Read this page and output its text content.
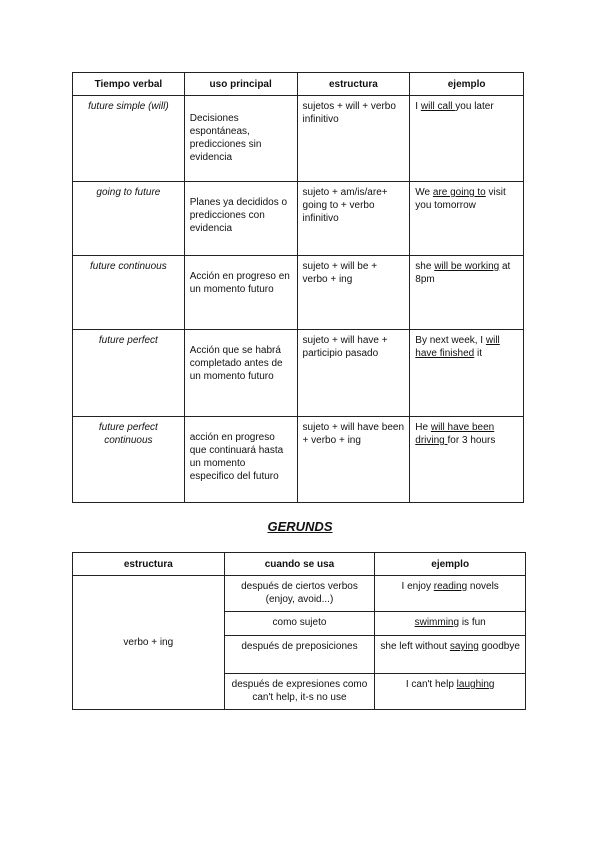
Tiempo verbal	uso principal	estructura	ejemplo
future simple (will)	Decisiones espontáneas, predicciones sin evidencia	sujetos + will + verbo infinitivo	I will call you later
going to future	Planes ya decididos o predicciones con evidencia	sujeto + am/is/are+ going to + verbo infinitivo	We are going to visit you tomorrow
future continuous	Acción en progreso en un momento futuro	sujeto + will be + verbo + ing	she will be working at 8pm
future perfect	Acción que se habrá completado antes de un momento futuro	sujeto + will have + participio pasado	By next week, I will have finished it
future perfect continuous	acción en progreso que continuará hasta un momento especifico del futuro	sujeto + will have been + verbo + ing	He will have been driving for 3 hours
GERUNDS
estructura	cuando se usa	ejemplo
verbo + ing	después de ciertos verbos (enjoy, avoid...)	I enjoy reading novels
	como sujeto	swimming is fun
	después de preposiciones	she left without saying goodbye
	después de expresiones como can't help, it-s no use	I can't help laughing
